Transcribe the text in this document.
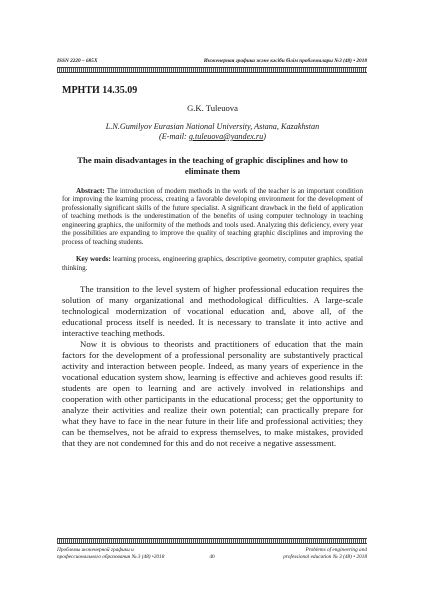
ISSN 2220 – 685X	Инженерная графика және кәсіби білім проблемалары №3 (48) • 2018
МРНТИ 14.35.09
G.K. Tuleuova
L.N.Gumilyov Eurasian National University, Astana, Kazakhstan
(E-mail: g.tuleuova@yandex.ru)
The main disadvantages in the teaching of graphic disciplines and how to eliminate them
Abstract: The introduction of modern methods in the work of the teacher is an important condition for improving the learning process, creating a favorable developing environment for the development of professionally significant skills of the future specialist. A significant drawback in the field of application of teaching methods is the underestimation of the benefits of using computer technology in teaching engineering graphics, the uniformity of the methods and tools used. Analyzing this deficiency, every year the possibilities are expanding to improve the quality of teaching graphic disciplines and improving the process of teaching students.
Key words: learning process, engineering graphics, descriptive geometry, computer graphics, spatial thinking.

The transition to the level system of higher professional education requires the solution of many organizational and methodological difficulties. A large-scale technological modernization of vocational education and, above all, of the educational process itself is needed. It is necessary to translate it into active and interactive teaching methods.

Now it is obvious to theorists and practitioners of education that the main factors for the development of a professional personality are substantively practical activity and interaction between people. Indeed, as many years of experience in the vocational education system show, learning is effective and achieves good results if: students are open to learning and are actively involved in relationships and cooperation with other participants in the educational process; get the opportunity to analyze their activities and realize their own potential; can practically prepare for what they have to face in the near future in their life and professional activities; they can be themselves, not be afraid to express themselves, to make mistakes, provided that they are not condemned for this and do not receive a negative assessment.

Проблемы инженерной графики и
профессионального образования № 3 (48) •2018	40
Problems of engineering and
professional education № 3 (48) • 2018
